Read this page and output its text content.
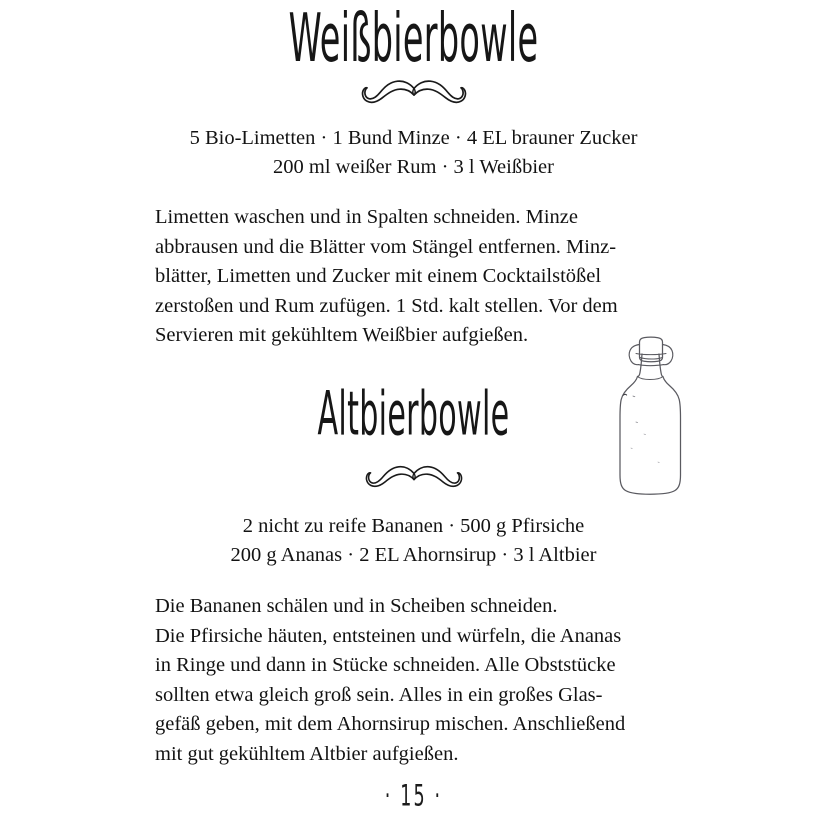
Weißbierbowle
5 Bio-Limetten · 1 Bund Minze · 4 EL brauner Zucker
200 ml weißer Rum · 3 l Weißbier
Limetten waschen und in Spalten schneiden. Minze
abbrausen und die Blätter vom Stängel entfernen. Minz-
blätter, Limetten und Zucker mit einem Cocktailstößel
zerstoßen und Rum zufügen. 1 Std. kalt stellen. Vor dem
Servieren mit gekühltem Weißbier aufgießen.
Altbierbowle
2 nicht zu reife Bananen · 500 g Pfirsiche
200 g Ananas · 2 EL Ahornsirup · 3 l Altbier
Die Bananen schälen und in Scheiben schneiden.
Die Pfirsiche häuten, entsteinen und würfeln, die Ananas
in Ringe und dann in Stücke schneiden. Alle Obststücke
sollten etwa gleich groß sein. Alles in ein großes Glas-
gefäß geben, mit dem Ahornsirup mischen. Anschließend
mit gut gekühltem Altbier aufgießen.
· 15 ·
